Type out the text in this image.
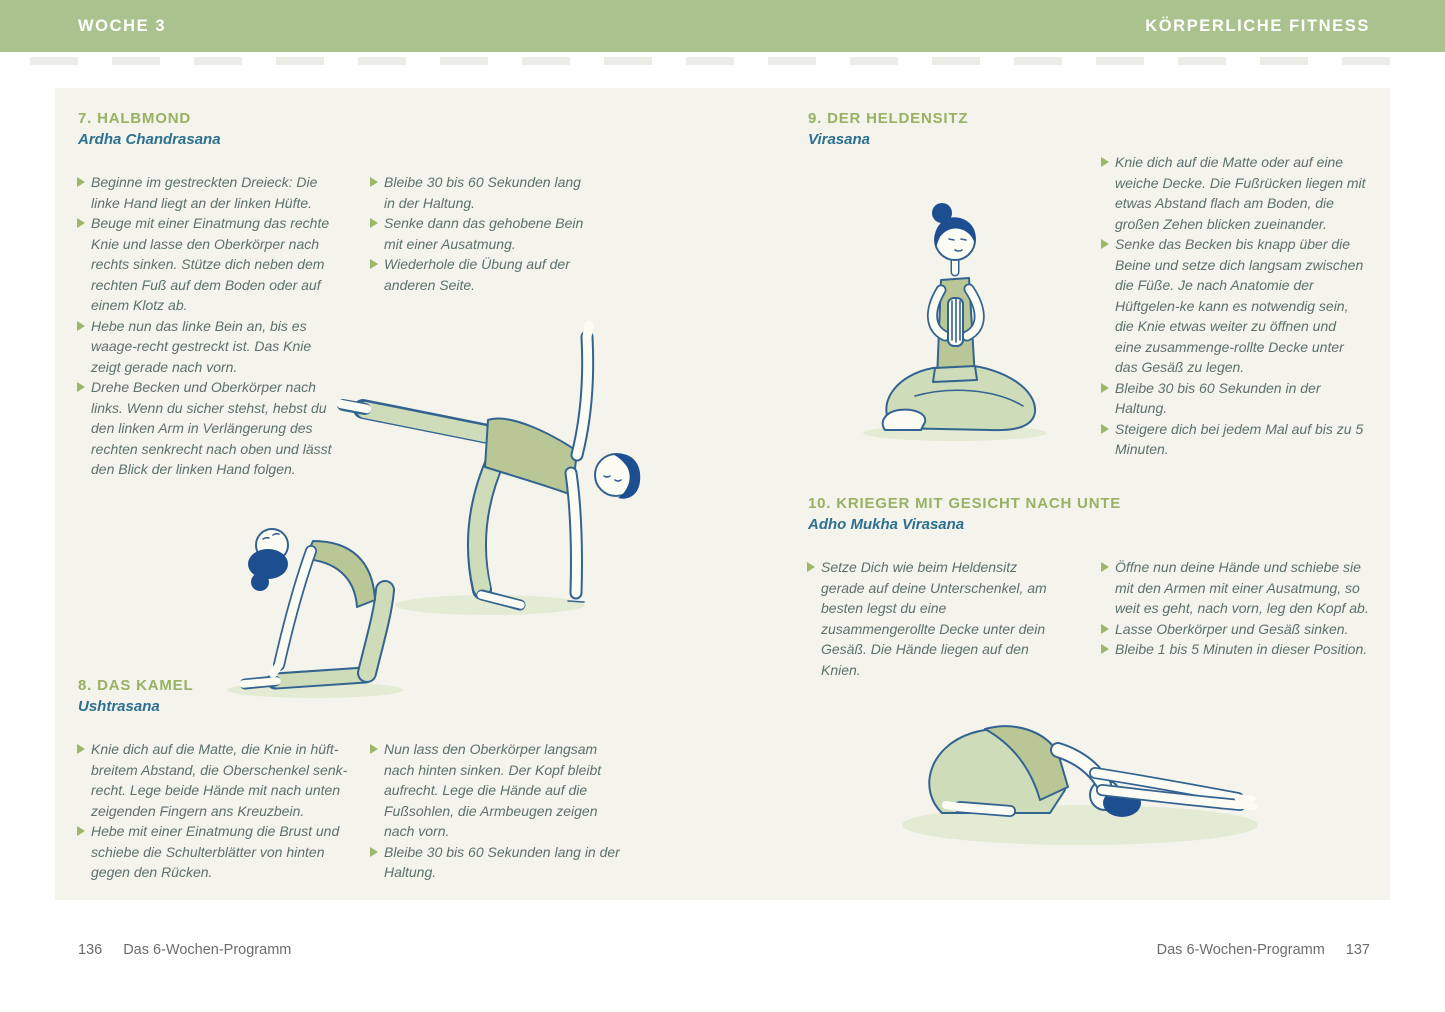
WOCHE 3	KÖRPERLICHE FITNESS
7. HALBMOND

Ardha Chandrasana

Beginne im gestreckten Dreieck: Die linke Hand liegt an der linken Hüfte.
Beuge mit einer Einatmung das rechte Knie und lasse den Oberkörper nach rechts sinken. Stütze dich neben dem rechten Fuß auf dem Boden oder auf einem Klotz ab.
Hebe nun das linke Bein an, bis es waage-recht gestreckt ist. Das Knie zeigt gerade nach vorn.
Drehe Becken und Oberkörper nach links. Wenn du sicher stehst, hebst du den linken Arm in Verlängerung des rechten senkrecht nach oben und lässt den Blick der linken Hand folgen.
Bleibe 30 bis 60 Sekunden lang in der Haltung.
Senke dann das gehobene Bein mit einer Ausatmung.
Wiederhole die Übung auf der anderen Seite.
8. DAS KAMEL

Ushtrasana

Knie dich auf die Matte, die Knie in hüft-breitem Abstand, die Oberschenkel senk-recht. Lege beide Hände mit nach unten zeigenden Fingern ans Kreuzbein.
Hebe mit einer Einatmung die Brust und schiebe die Schulterblätter von hinten gegen den Rücken.
Nun lass den Oberkörper langsam nach hinten sinken. Der Kopf bleibt aufrecht. Lege die Hände auf die Fußsohlen, die Armbeugen zeigen nach vorn.
Bleibe 30 bis 60 Sekunden lang in der Haltung.
9. DER HELDENSITZ

Virasana

Knie dich auf die Matte oder auf eine weiche Decke. Die Fußrücken liegen mit etwas Abstand flach am Boden, die großen Zehen blicken zueinander.
Senke das Becken bis knapp über die Beine und setze dich langsam zwischen die Füße. Je nach Anatomie der Hüftgelen-ke kann es notwendig sein, die Knie etwas weiter zu öffnen und eine zusammenge-rollte Decke unter das Gesäß zu legen.
Bleibe 30 bis 60 Sekunden in der Haltung.
Steigere dich bei jedem Mal auf bis zu 5 Minuten.
10. KRIEGER MIT GESICHT NACH UNTE

Adho Mukha Virasana

Setze Dich wie beim Heldensitz gerade auf deine Unterschenkel, am besten legst du eine zusammengerollte Decke unter dein Gesäß. Die Hände liegen auf den Knien.
Öffne nun deine Hände und schiebe sie mit den Armen mit einer Ausatmung, so weit es geht, nach vorn, leg den Kopf ab.
Lasse Oberkörper und Gesäß sinken.
Bleibe 1 bis 5 Minuten in dieser Position.
136 Das 6-Wochen-Programm	Das 6-Wochen-Programm 137
